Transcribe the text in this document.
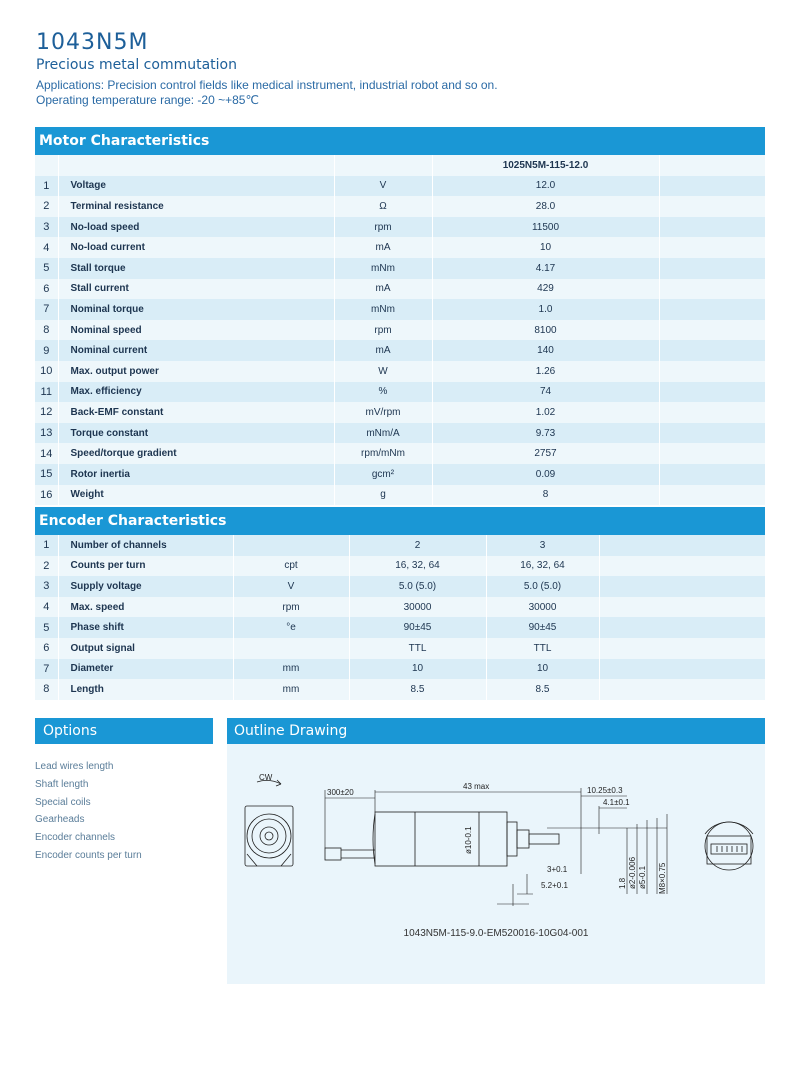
1043N5M
Precious metal commutation
Applications: Precision control fields like medical instrument, industrial robot and so on.
Operating temperature range: -20 ~+85℃
Motor Characteristics
			1025N5M-115-12.0	
1	Voltage	V	12.0	
2	Terminal resistance	Ω	28.0	
3	No-load speed	rpm	11500	
4	No-load current	mA	10	
5	Stall torque	mNm	4.17	
6	Stall current	mA	429	
7	Nominal torque	mNm	1.0	
8	Nominal speed	rpm	8100	
9	Nominal current	mA	140	
10	Max. output power	W	1.26	
11	Max. efficiency	%	74	
12	Back-EMF constant	mV/rpm	1.02	
13	Torque constant	mNm/A	9.73	
14	Speed/torque gradient	rpm/mNm	2757	
15	Rotor inertia	gcm²	0.09	
16	Weight	g	8	
Encoder Characteristics
1	Number of channels		2	3	
2	Counts per turn	cpt	16, 32, 64	16, 32, 64	
3	Supply voltage	V	5.0 (5.0)	5.0 (5.0)	
4	Max. speed	rpm	30000	30000	
5	Phase shift	°e	90±45	90±45	
6	Output signal		TTL	TTL	
7	Diameter	mm	10	10	
8	Length	mm	8.5	8.5	
Options
Lead wires length
Shaft length
Special coils
Gearheads
Encoder channels
Encoder counts per turn
Outline Drawing
CW
300±20
43 max	10.25±0.3
4.1±0.1
ø10-0.1
3+0.1
5.2+0.1	1.8 ø2-0.006 ø5-0.1 M8×0.75
1043N5M-115-9.0-EM520016-10G04-001
